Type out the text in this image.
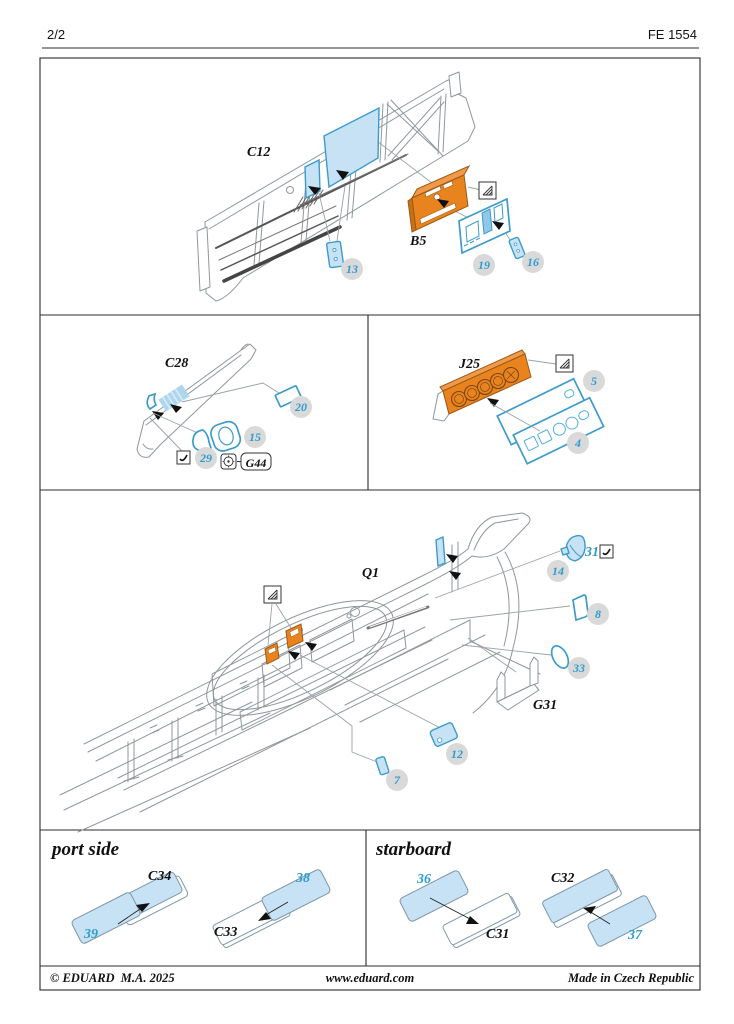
2/2	FE 1554
C12
B5
13	19	16
C28
20
15
29	G44
J25
5
4
Q1
31
14
8
33
G31
12
7
port side
C34
39	C33
38
starboard
36
C31
C32
37
© EDUARD  M.A. 2025	www.eduard.com	Made in Czech Republic
